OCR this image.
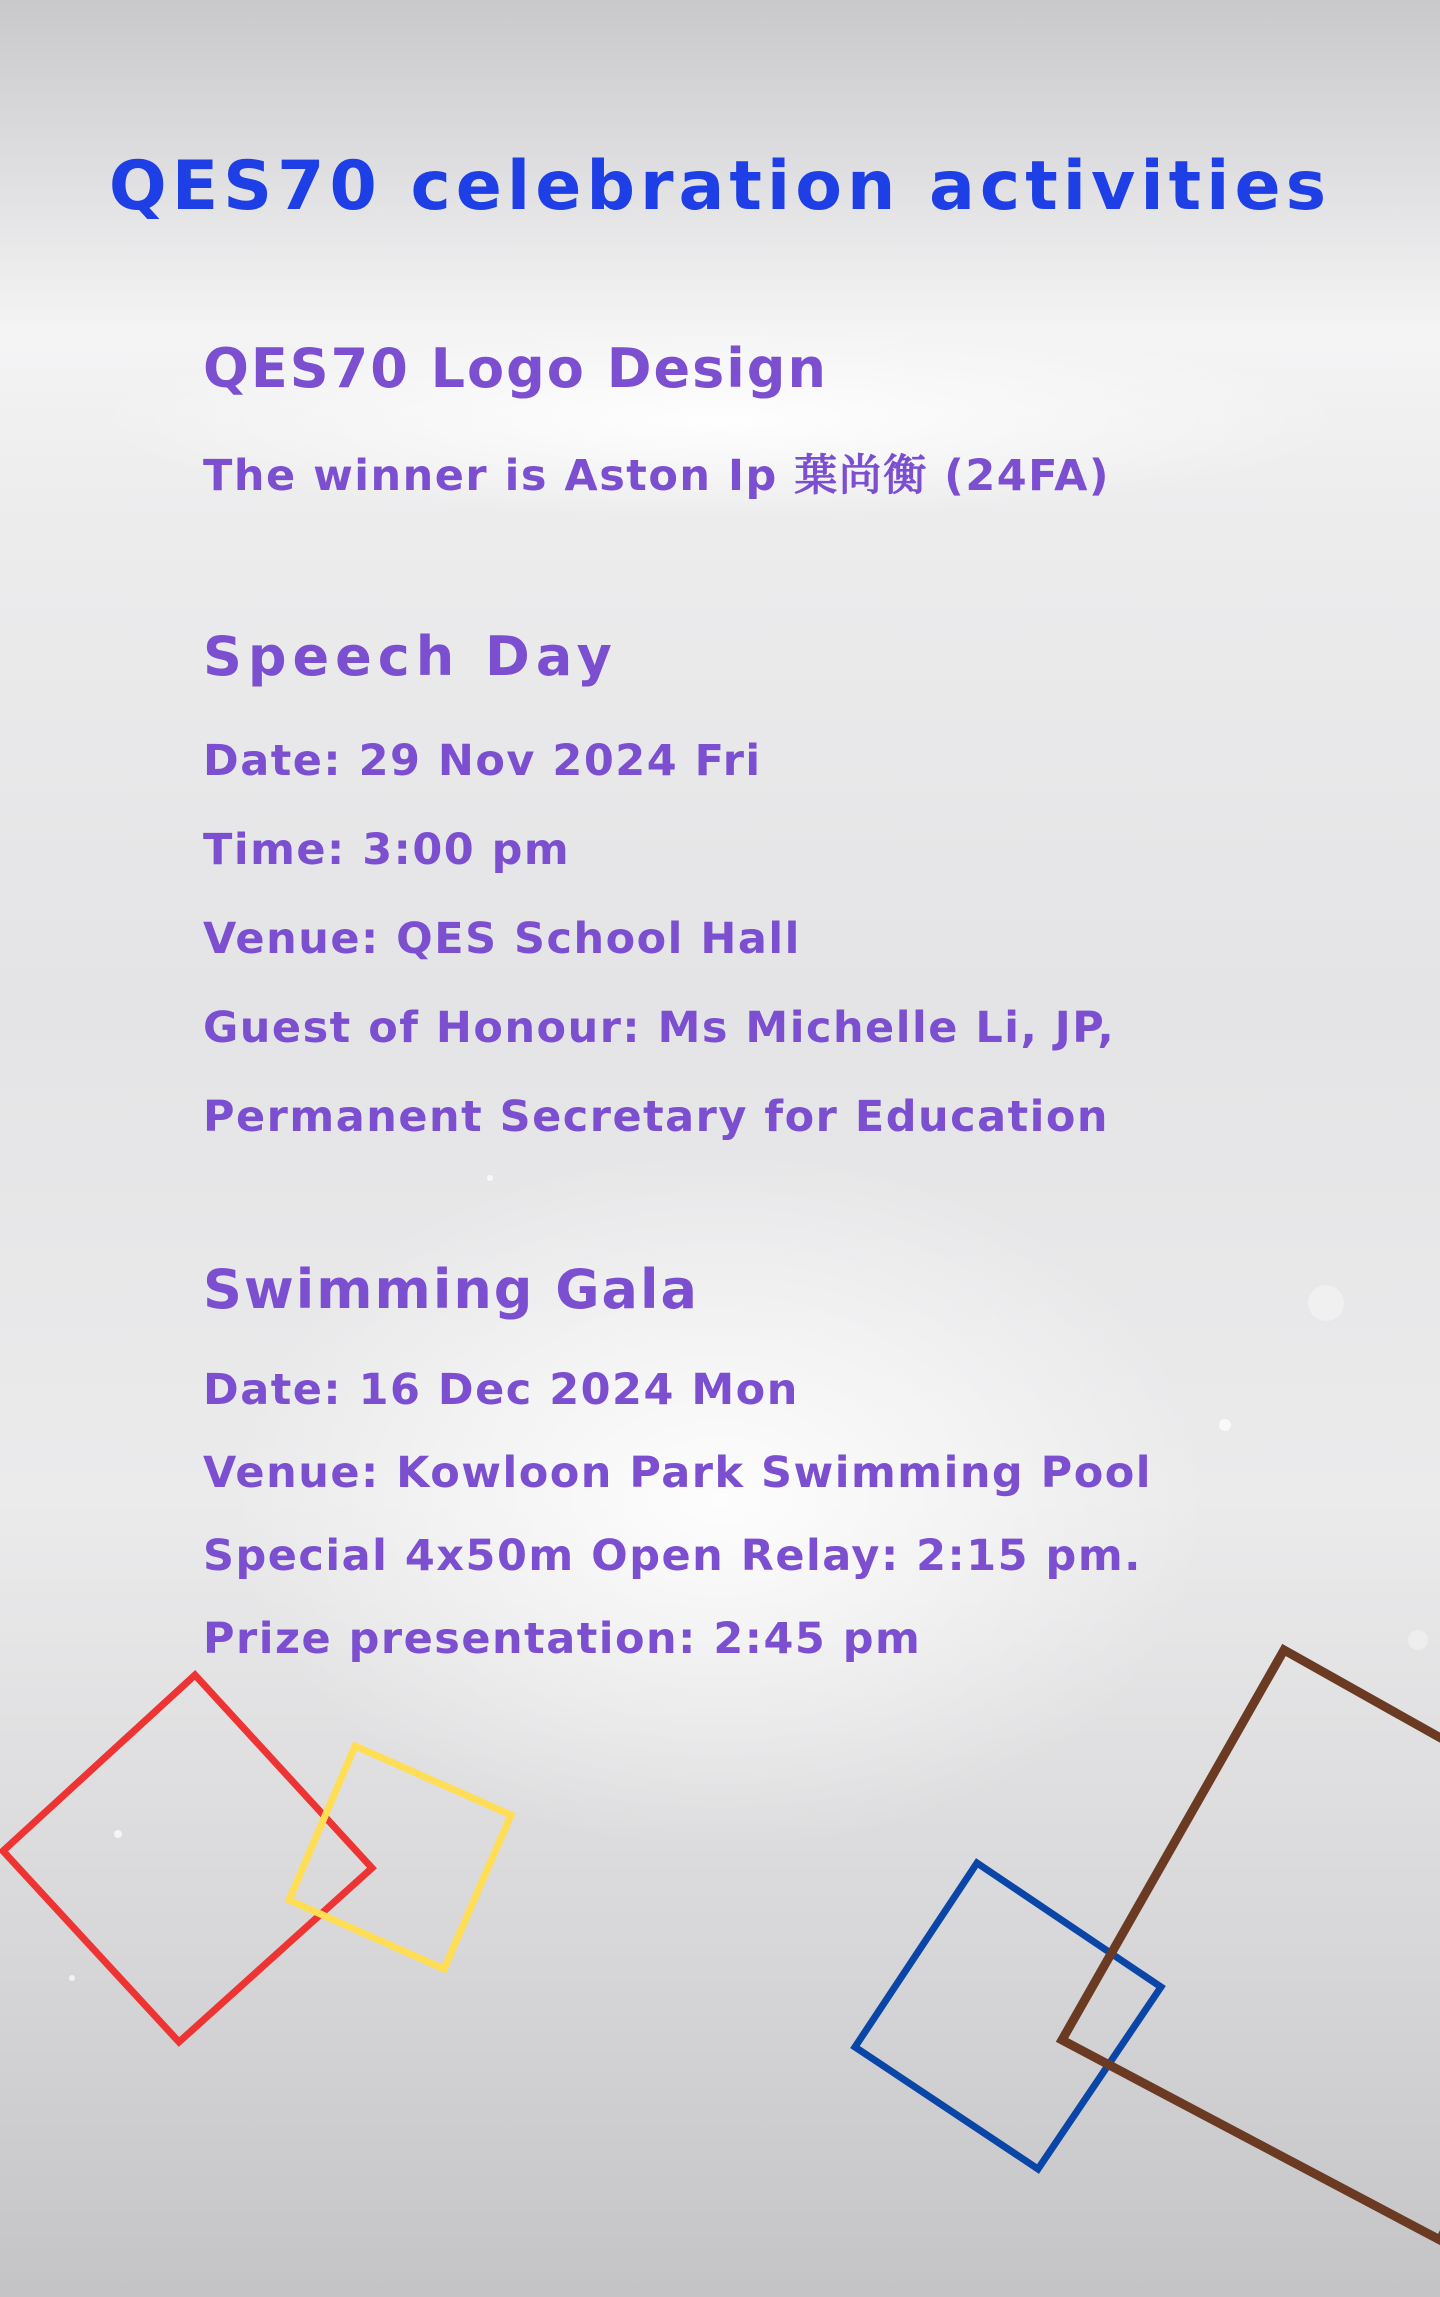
QES70 celebration activities
QES70 Logo Design

The winner is Aston Ip 葉尚衡 (24FA)

Speech Day

Date: 29 Nov 2024 Fri

Time: 3:00 pm

Venue: QES School Hall

Guest of Honour: Ms Michelle Li, JP,

Permanent Secretary for Education

Swimming Gala

Date: 16 Dec 2024 Mon

Venue: Kowloon Park Swimming Pool

Special 4x50m Open Relay: 2:15 pm.

Prize presentation: 2:45 pm
